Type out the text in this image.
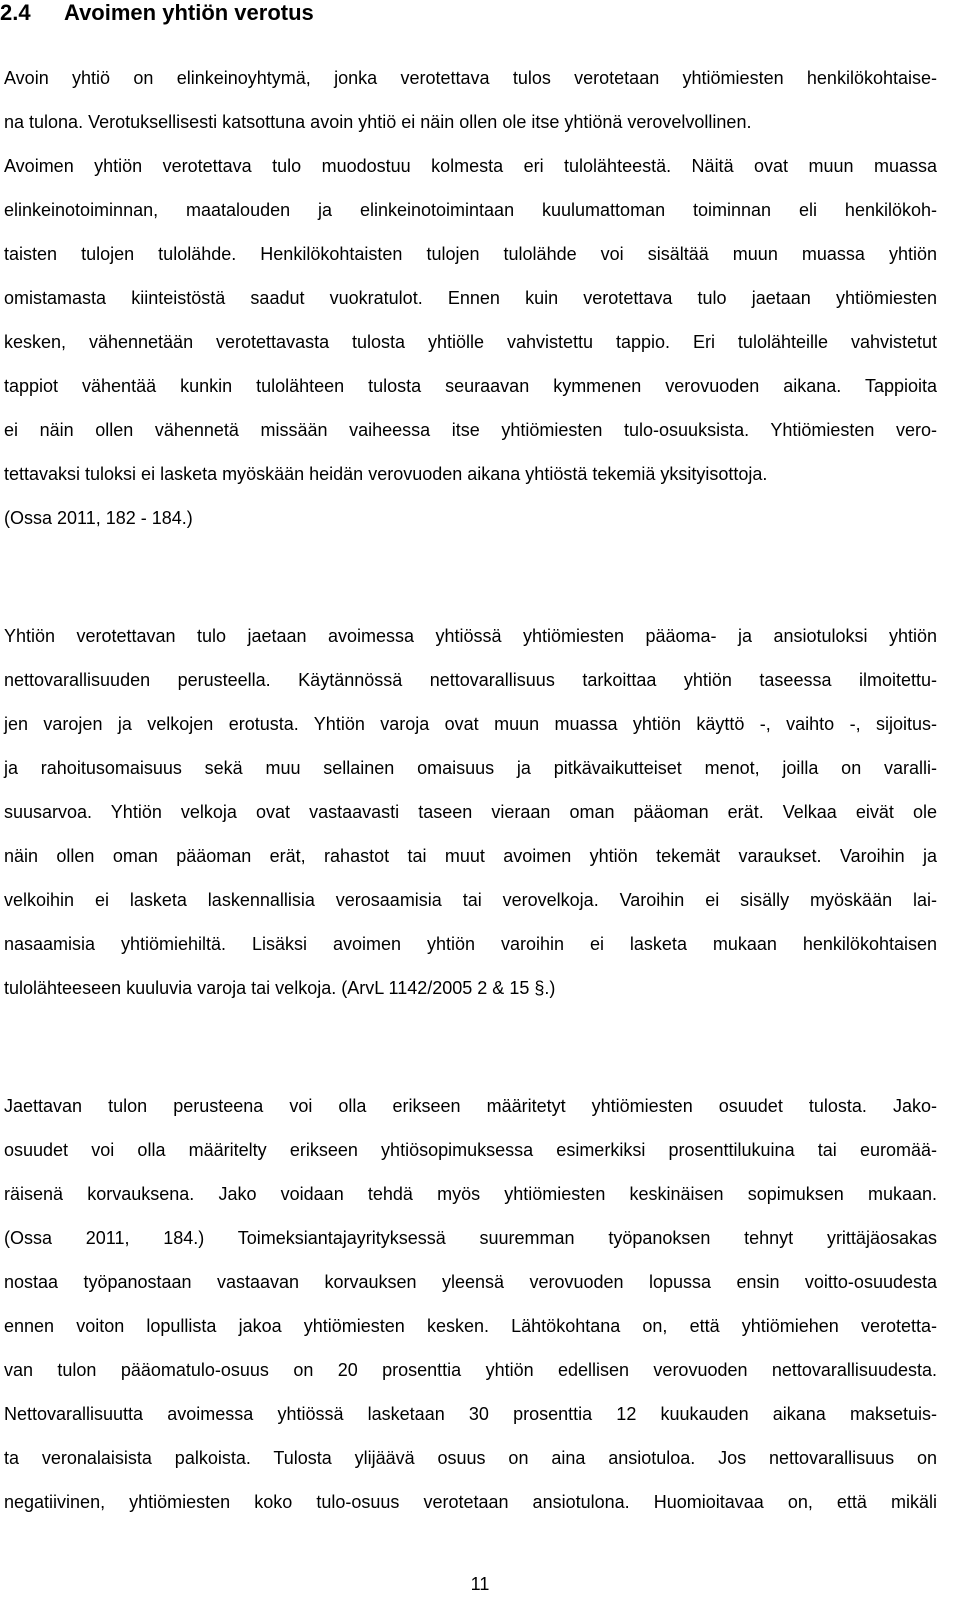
2.4 Avoimen yhtiön verotus
Avoin yhtiö on elinkeinoyhtymä, jonka verotettava tulos verotetaan yhtiömiesten henkilökohtaise-
na tulona. Verotuksellisesti katsottuna avoin yhtiö ei näin ollen ole itse yhtiönä verovelvollinen.
Avoimen yhtiön verotettava tulo muodostuu kolmesta eri tulolähteestä. Näitä ovat muun muassa
elinkeinotoiminnan, maatalouden ja elinkeinotoimintaan kuulumattoman toiminnan eli henkilökoh-
taisten tulojen tulolähde. Henkilökohtaisten tulojen tulolähde voi sisältää muun muassa yhtiön
omistamasta kiinteistöstä saadut vuokratulot. Ennen kuin verotettava tulo jaetaan yhtiömiesten
kesken, vähennetään verotettavasta tulosta yhtiölle vahvistettu tappio. Eri tulolähteille vahvistetut
tappiot vähentää kunkin tulolähteen tulosta seuraavan kymmenen verovuoden aikana. Tappioita
ei näin ollen vähennetä missään vaiheessa itse yhtiömiesten tulo-osuuksista. Yhtiömiesten vero-
tettavaksi tuloksi ei lasketa myöskään heidän verovuoden aikana yhtiöstä tekemiä yksityisottoja.
(Ossa 2011, 182 - 184.)
Yhtiön verotettavan tulo jaetaan avoimessa yhtiössä yhtiömiesten pääoma- ja ansiotuloksi yhtiön
nettovarallisuuden perusteella. Käytännössä nettovarallisuus tarkoittaa yhtiön taseessa ilmoitettu-
jen varojen ja velkojen erotusta. Yhtiön varoja ovat muun muassa yhtiön käyttö -, vaihto -, sijoitus-
ja rahoitusomaisuus sekä muu sellainen omaisuus ja pitkävaikutteiset menot, joilla on varalli-
suusarvoa. Yhtiön velkoja ovat vastaavasti taseen vieraan oman pääoman erät. Velkaa eivät ole
näin ollen oman pääoman erät, rahastot tai muut avoimen yhtiön tekemät varaukset. Varoihin ja
velkoihin ei lasketa laskennallisia verosaamisia tai verovelkoja. Varoihin ei sisälly myöskään lai-
nasaamisia yhtiömiehiltä. Lisäksi avoimen yhtiön varoihin ei lasketa mukaan henkilökohtaisen
tulolähteeseen kuuluvia varoja tai velkoja. (ArvL 1142/2005 2 & 15 §.)
Jaettavan tulon perusteena voi olla erikseen määritetyt yhtiömiesten osuudet tulosta. Jako-
osuudet voi olla määritelty erikseen yhtiösopimuksessa esimerkiksi prosenttilukuina tai euromää-
räisenä korvauksena. Jako voidaan tehdä myös yhtiömiesten keskinäisen sopimuksen mukaan.
(Ossa 2011, 184.) Toimeksiantajayrityksessä suuremman työpanoksen tehnyt yrittäjäosakas
nostaa työpanostaan vastaavan korvauksen yleensä verovuoden lopussa ensin voitto-osuudesta
ennen voiton lopullista jakoa yhtiömiesten kesken. Lähtökohtana on, että yhtiömiehen verotetta-
van tulon pääomatulo-osuus on 20 prosenttia yhtiön edellisen verovuoden nettovarallisuudesta.
Nettovarallisuutta avoimessa yhtiössä lasketaan 30 prosenttia 12 kuukauden aikana maksetuis-
ta veronalaisista palkoista. Tulosta ylijäävä osuus on aina ansiotuloa. Jos nettovarallisuus on
negatiivinen, yhtiömiesten koko tulo-osuus verotetaan ansiotulona. Huomioitavaa on, että mikäli
11
